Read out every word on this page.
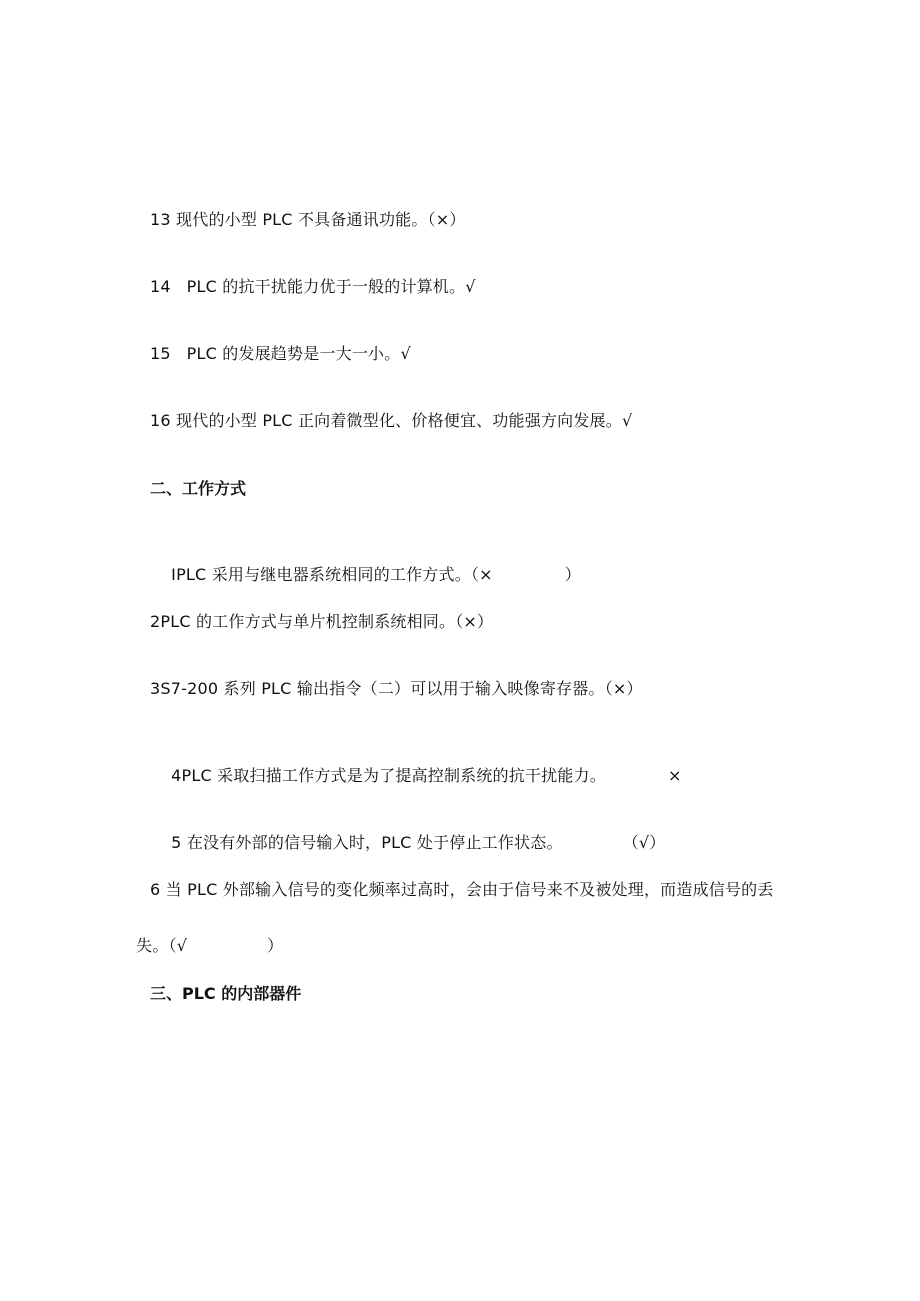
13 现代的小型 PLC 不具备通讯功能。（×）
14   PLC 的抗干扰能力优于一般的计算机。√
15   PLC 的发展趋势是一大一小。√
16 现代的小型 PLC 正向着微型化、价格便宜、功能强方向发展。√
二、工作方式

IPLC 采用与继电器系统相同的工作方式。（×	）

2PLC 的工作方式与单片机控制系统相同。（×）
3S7-200 系列 PLC 输出指令（二）可以用于输入映像寄存器。（×）

4PLC 采取扫描工作方式是为了提高控制系统的抗干扰能力。	×

5 在没有外部的信号输入时，PLC 处于停止工作状态。	（√）

6 当 PLC 外部输入信号的变化频率过高时，会由于信号来不及被处理，而造成信号的丢

失。（√	）

三、PLC 的内部器件
